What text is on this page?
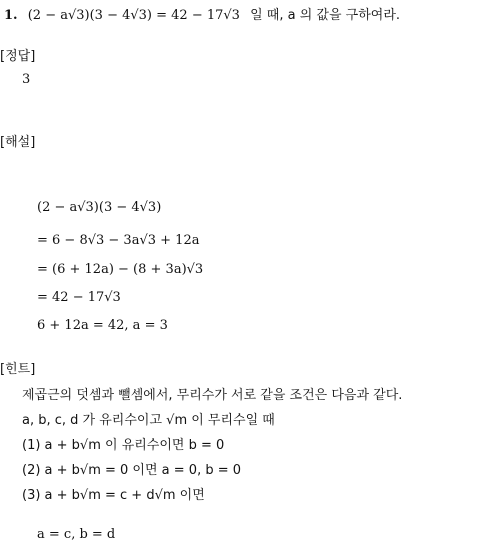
1. (2 − a√3)(3 − 4√3) = 42 − 17√3 일 때, a 의 값을 구하여라.
[정답]
3
[해설]
(2 − a√3)(3 − 4√3)
= 6 − 8√3 − 3a√3 + 12a
= (6 + 12a) − (8 + 3a)√3
= 42 − 17√3
6 + 12a = 42, a = 3
[힌트]
제곱근의 덧셈과 뺄셈에서, 무리수가 서로 같을 조건은 다음과 같다.
a, b, c, d 가 유리수이고 √m 이 무리수일 때
(1) a + b√m 이 유리수이면 b = 0
(2) a + b√m = 0 이면 a = 0, b = 0
(3) a + b√m = c + d√m 이면
a = c, b = d
